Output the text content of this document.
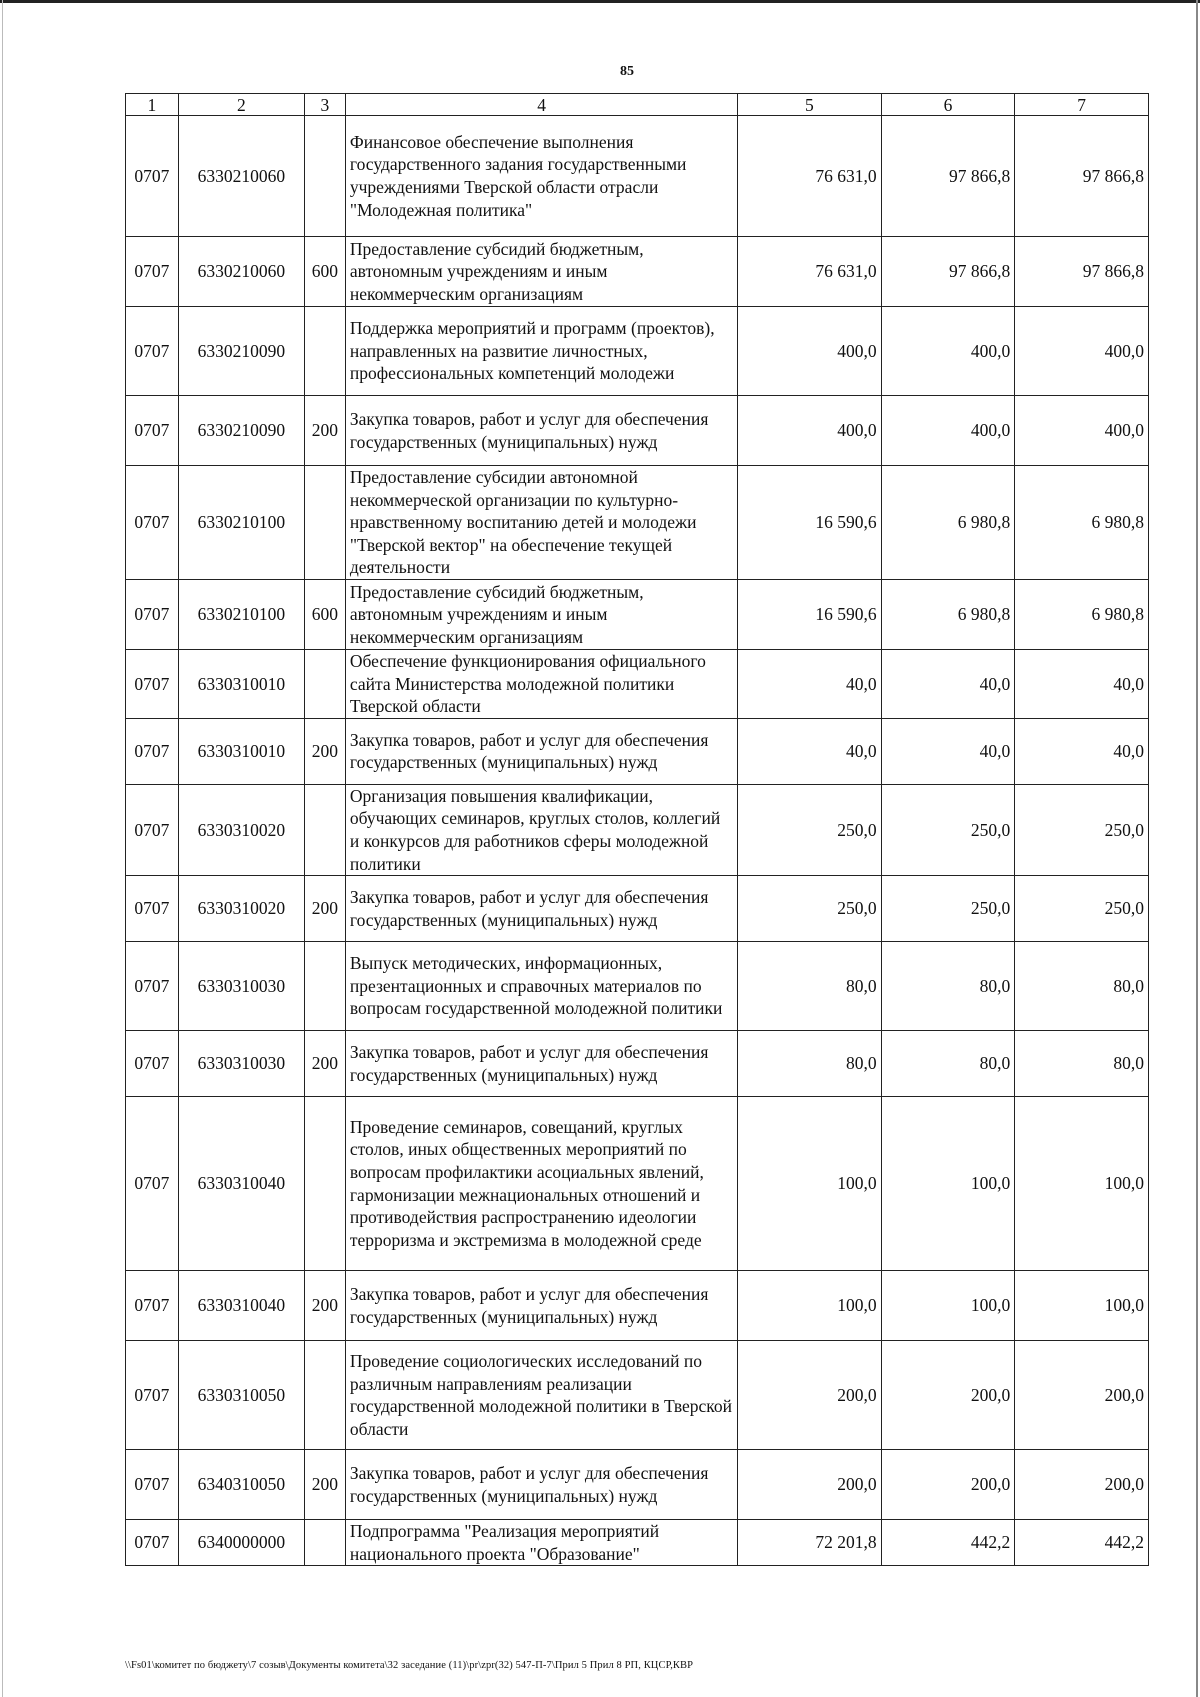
85
1	2	3	4	5	6	7
0707	6330210060		Финансовое обеспечение выполнения государственного задания государственными учреждениями Тверской области отрасли "Молодежная политика"	76 631,0	97 866,8	97 866,8
0707	6330210060	600	Предоставление субсидий бюджетным, автономным учреждениям и иным некоммерческим организациям	76 631,0	97 866,8	97 866,8
0707	6330210090		Поддержка мероприятий и программ (проектов), направленных на развитие личностных, профессиональных компетенций молодежи	400,0	400,0	400,0
0707	6330210090	200	Закупка товаров, работ и услуг для обеспечения государственных (муниципальных) нужд	400,0	400,0	400,0
0707	6330210100		Предоставление субсидии автономной некоммерческой организации по культурно-нравственному воспитанию детей и молодежи "Тверской вектор" на обеспечение текущей деятельности	16 590,6	6 980,8	6 980,8
0707	6330210100	600	Предоставление субсидий бюджетным, автономным учреждениям и иным некоммерческим организациям	16 590,6	6 980,8	6 980,8
0707	6330310010		Обеспечение функционирования официального сайта Министерства молодежной политики Тверской области	40,0	40,0	40,0
0707	6330310010	200	Закупка товаров, работ и услуг для обеспечения государственных (муниципальных) нужд	40,0	40,0	40,0
0707	6330310020		Организация повышения квалификации, обучающих семинаров, круглых столов, коллегий и конкурсов для работников сферы молодежной политики	250,0	250,0	250,0
0707	6330310020	200	Закупка товаров, работ и услуг для обеспечения государственных (муниципальных) нужд	250,0	250,0	250,0
0707	6330310030		Выпуск методических, информационных, презентационных и справочных материалов по вопросам государственной молодежной политики	80,0	80,0	80,0
0707	6330310030	200	Закупка товаров, работ и услуг для обеспечения государственных (муниципальных) нужд	80,0	80,0	80,0
0707	6330310040		Проведение семинаров, совещаний, круглых столов, иных общественных мероприятий по вопросам профилактики асоциальных явлений, гармонизации межнациональных отношений и противодействия распространению идеологии терроризма и экстремизма в молодежной среде	100,0	100,0	100,0
0707	6330310040	200	Закупка товаров, работ и услуг для обеспечения государственных (муниципальных) нужд	100,0	100,0	100,0
0707	6330310050		Проведение социологических исследований по различным направлениям реализации государственной молодежной политики в Тверской области	200,0	200,0	200,0
0707	6340310050	200	Закупка товаров, работ и услуг для обеспечения государственных (муниципальных) нужд	200,0	200,0	200,0
0707	6340000000		Подпрограмма "Реализация мероприятий национального проекта "Образование"	72 201,8	442,2	442,2
\\Fs01\комитет по бюджету\7 созыв\Документы комитета\32 заседание (11)\pr\zpr(32) 547-П-7\Прил 5 Прил 8 РП, КЦСР,КВР
